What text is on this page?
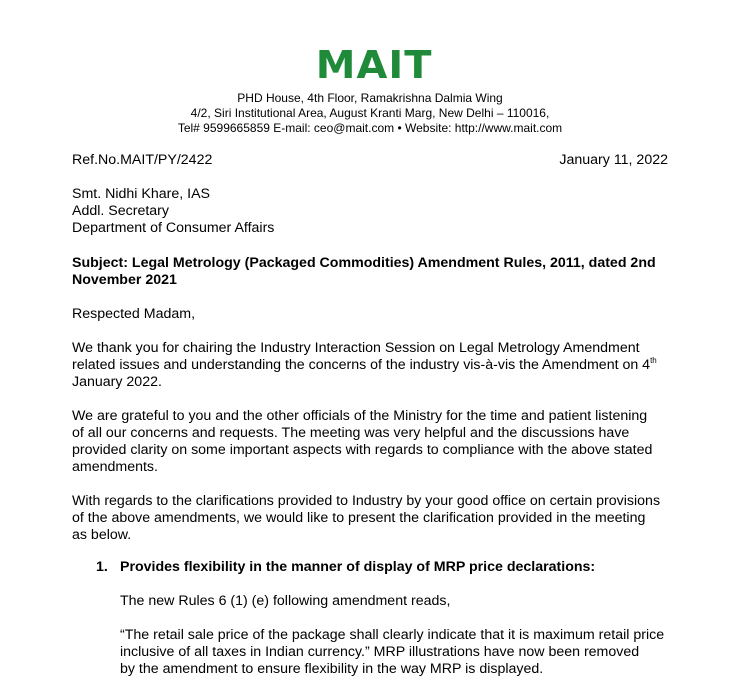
MAIT
PHD House, 4th Floor, Ramakrishna Dalmia Wing
4/2, Siri Institutional Area, August Kranti Marg, New Delhi – 110016,
Tel# 9599665859 E-mail: ceo@mait.com • Website: http://www.mait.com
Ref.No.MAIT/PY/2422	January 11, 2022
Smt. Nidhi Khare, IAS
Addl. Secretary
Department of Consumer Affairs
Subject: Legal Metrology (Packaged Commodities) Amendment Rules, 2011, dated 2nd
November 2021
Respected Madam,
We thank you for chairing the Industry Interaction Session on Legal Metrology Amendment
related issues and understanding the concerns of the industry vis-à-vis the Amendment on 4th
January 2022.
We are grateful to you and the other officials of the Ministry for the time and patient listening
of all our concerns and requests. The meeting was very helpful and the discussions have
provided clarity on some important aspects with regards to compliance with the above stated
amendments.
With regards to the clarifications provided to Industry by your good office on certain provisions
of the above amendments, we would like to present the clarification provided in the meeting
as below.
1. Provides flexibility in the manner of display of MRP price declarations:
The new Rules 6 (1) (e) following amendment reads,
“The retail sale price of the package shall clearly indicate that it is maximum retail price
inclusive of all taxes in Indian currency.” MRP illustrations have now been removed
by the amendment to ensure flexibility in the way MRP is displayed.
